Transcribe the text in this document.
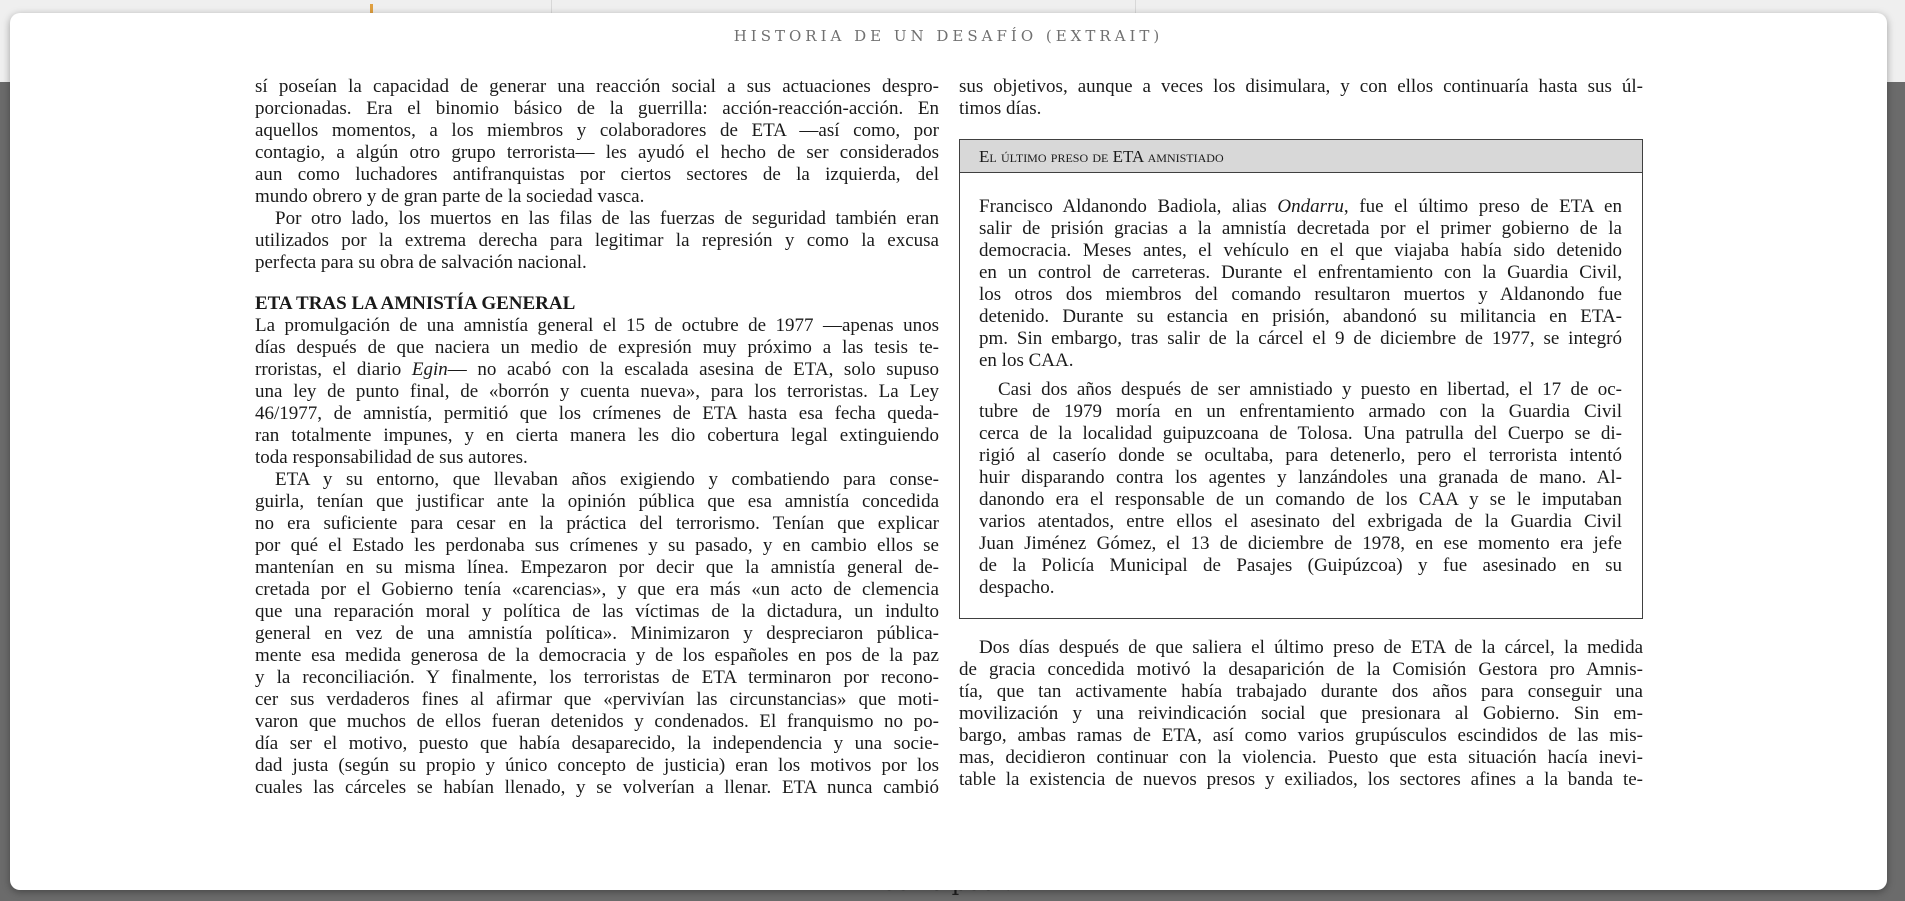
HISTORIA DE UN DESAFÍO (EXTRAIT)
sí poseían la capacidad de generar una reacción social a sus actuaciones despro-
porcionadas. Era el binomio básico de la guerrilla: acción-reacción-acción. En
aquellos momentos, a los miembros y colaboradores de ETA —así como, por
contagio, a algún otro grupo terrorista— les ayudó el hecho de ser considerados
aun como luchadores antifranquistas por ciertos sectores de la izquierda, del
mundo obrero y de gran parte de la sociedad vasca.
Por otro lado, los muertos en las filas de las fuerzas de seguridad también eran
utilizados por la extrema derecha para legitimar la represión y como la excusa
perfecta para su obra de salvación nacional.
ETA TRAS LA AMNISTÍA GENERAL
La promulgación de una amnistía general el 15 de octubre de 1977 —apenas unos
días después de que naciera un medio de expresión muy próximo a las tesis te-
rroristas, el diario Egin— no acabó con la escalada asesina de ETA, solo supuso
una ley de punto final, de «borrón y cuenta nueva», para los terroristas. La Ley
46/1977, de amnistía, permitió que los crímenes de ETA hasta esa fecha queda-
ran totalmente impunes, y en cierta manera les dio cobertura legal extinguiendo
toda responsabilidad de sus autores.
ETA y su entorno, que llevaban años exigiendo y combatiendo para conse-
guirla, tenían que justificar ante la opinión pública que esa amnistía concedida
no era suficiente para cesar en la práctica del terrorismo. Tenían que explicar
por qué el Estado les perdonaba sus crímenes y su pasado, y en cambio ellos se
mantenían en su misma línea. Empezaron por decir que la amnistía general de-
cretada por el Gobierno tenía «carencias», y que era más «un acto de clemencia
que una reparación moral y política de las víctimas de la dictadura, un indulto
general en vez de una amnistía política». Minimizaron y despreciaron pública-
mente esa medida generosa de la democracia y de los españoles en pos de la paz
y la reconciliación. Y finalmente, los terroristas de ETA terminaron por recono-
cer sus verdaderos fines al afirmar que «pervivían las circunstancias» que moti-
varon que muchos de ellos fueran detenidos y condenados. El franquismo no po-
día ser el motivo, puesto que había desaparecido, la independencia y una socie-
dad justa (según su propio y único concepto de justicia) eran los motivos por los
cuales las cárceles se habían llenado, y se volverían a llenar. ETA nunca cambió
sus objetivos, aunque a veces los disimulara, y con ellos continuaría hasta sus úl-
timos días.
El último preso de ETA amnistiado
Francisco Aldanondo Badiola, alias Ondarru, fue el último preso de ETA en
salir de prisión gracias a la amnistía decretada por el primer gobierno de la
democracia. Meses antes, el vehículo en el que viajaba había sido detenido
en un control de carreteras. Durante el enfrentamiento con la Guardia Civil,
los otros dos miembros del comando resultaron muertos y Aldanondo fue
detenido. Durante su estancia en prisión, abandonó su militancia en ETA-
pm. Sin embargo, tras salir de la cárcel el 9 de diciembre de 1977, se integró
en los CAA.
Casi dos años después de ser amnistiado y puesto en libertad, el 17 de oc-
tubre de 1979 moría en un enfrentamiento armado con la Guardia Civil
cerca de la localidad guipuzcoana de Tolosa. Una patrulla del Cuerpo se di-
rigió al caserío donde se ocultaba, para detenerlo, pero el terrorista intentó
huir disparando contra los agentes y lanzándoles una granada de mano. Al-
danondo era el responsable de un comando de los CAA y se le imputaban
varios atentados, entre ellos el asesinato del exbrigada de la Guardia Civil
Juan Jiménez Gómez, el 13 de diciembre de 1978, en ese momento era jefe
de la Policía Municipal de Pasajes (Guipúzcoa) y fue asesinado en su
despacho.
Dos días después de que saliera el último preso de ETA de la cárcel, la medida
de gracia concedida motivó la desaparición de la Comisión Gestora pro Amnis-
tía, que tan activamente había trabajado durante dos años para conseguir una
movilización y una reivindicación social que presionara al Gobierno. Sin em-
bargo, ambas ramas de ETA, así como varios grupúsculos escindidos de las mis-
mas, decidieron continuar con la violencia. Puesto que esta situación hacía inevi-
table la existencia de nuevos presos y exiliados, los sectores afines a la banda te-
